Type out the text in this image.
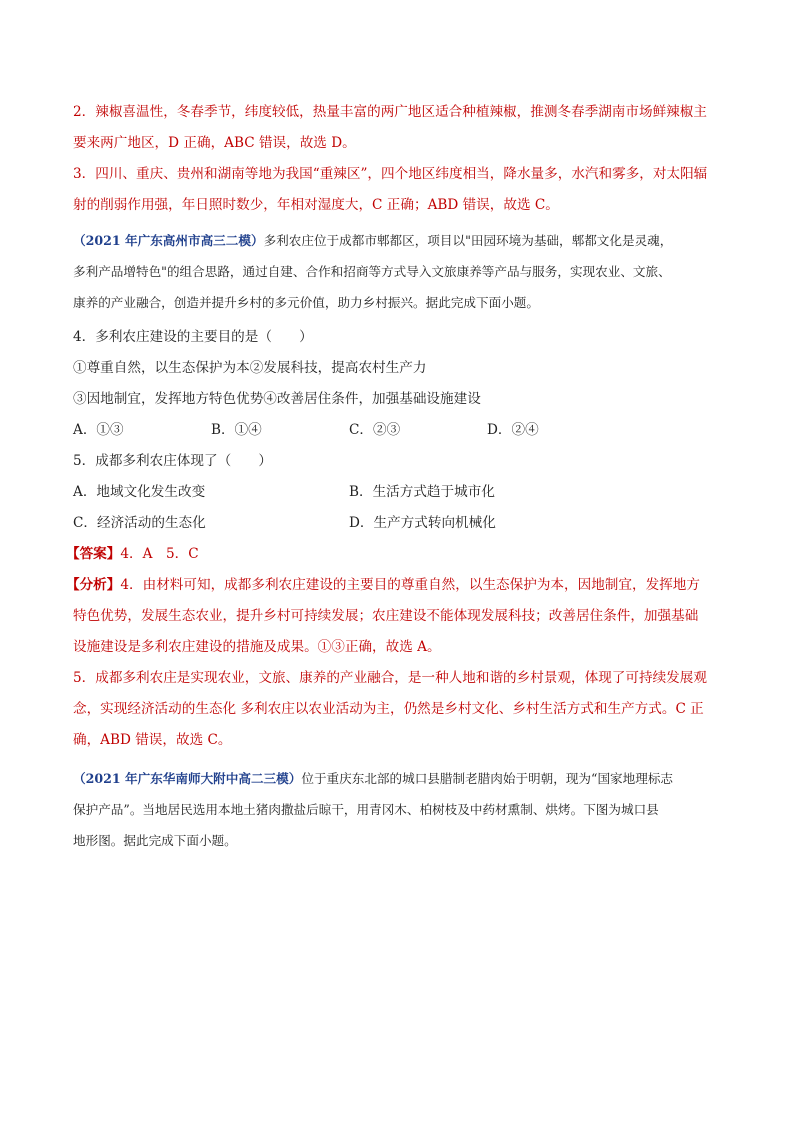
2．辣椒喜温性，冬春季节，纬度较低，热量丰富的两广地区适合种植辣椒，推测冬春季湖南市场鲜辣椒主
要来两广地区，D 正确，ABC 错误，故选 D。
3．四川、重庆、贵州和湖南等地为我国“重辣区”，四个地区纬度相当，降水量多，水汽和雾多，对太阳辐
射的削弱作用强，年日照时数少，年相对湿度大，C 正确；ABD 错误，故选 C。
（2021 年广东高州市高三二模）多利农庄位于成都市郫都区，项目以"田园环境为基础，郫都文化是灵魂，
多利产品增特色"的组合思路，通过自建、合作和招商等方式导入文旅康养等产品与服务，实现农业、文旅、
康养的产业融合，创造并提升乡村的多元价值，助力乡村振兴。据此完成下面小题。
4．多利农庄建设的主要目的是（　　）
①尊重自然，以生态保护为本②发展科技，提高农村生产力
③因地制宜，发挥地方特色优势④改善居住条件，加强基础设施建设
A．①③	B．①④	C．②③	D．②④
5．成都多利农庄体现了（　　）
A．地域文化发生改变	B．生活方式趋于城市化
C．经济活动的生态化	D．生产方式转向机械化
【答案】4．A　5．C
【分析】4．由材料可知，成都多利农庄建设的主要目的尊重自然，以生态保护为本，因地制宜，发挥地方
特色优势，发展生态农业，提升乡村可持续发展；农庄建设不能体现发展科技；改善居住条件，加强基础
设施建设是多利农庄建设的措施及成果。①③正确，故选 A。
5．成都多利农庄是实现农业，文旅、康养的产业融合，是一种人地和谐的乡村景观，体现了可持续发展观
念，实现经济活动的生态化 多利农庄以农业活动为主，仍然是乡村文化、乡村生活方式和生产方式。C 正
确，ABD 错误，故选 C。
（2021 年广东华南师大附中高二三模）位于重庆东北部的城口县腊制老腊肉始于明朝，现为“国家地理标志
保护产品”。当地居民选用本地土猪肉撒盐后晾干，用青冈木、柏树枝及中药材熏制、烘烤。下图为城口县
地形图。据此完成下面小题。
